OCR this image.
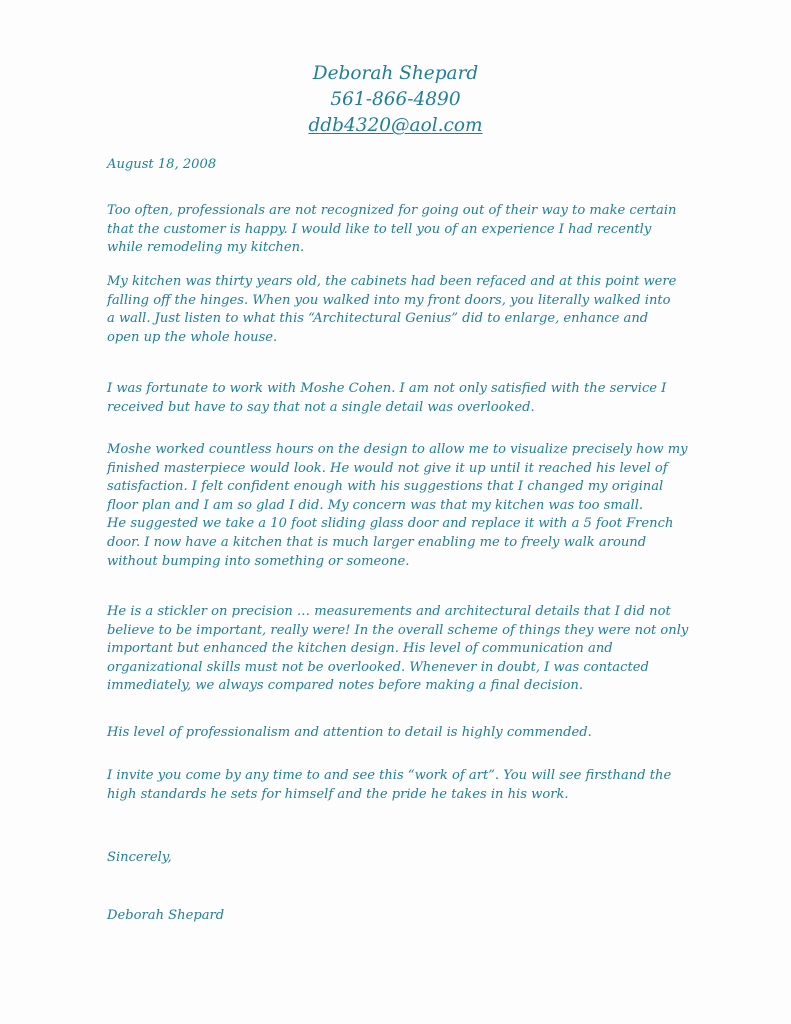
Deborah Shepard
561-866-4890
ddb4320@aol.com
August 18, 2008
Too often, professionals are not recognized for going out of their way to make certain
that the customer is happy. I would like to tell you of an experience I had recently
while remodeling my kitchen.
My kitchen was thirty years old, the cabinets had been refaced and at this point were
falling off the hinges. When you walked into my front doors, you literally walked into
a wall. Just listen to what this “Architectural Genius” did to enlarge, enhance and
open up the whole house.
I was fortunate to work with Moshe Cohen. I am not only satisfied with the service I
received but have to say that not a single detail was overlooked.
Moshe worked countless hours on the design to allow me to visualize precisely how my
finished masterpiece would look. He would not give it up until it reached his level of
satisfaction. I felt confident enough with his suggestions that I changed my original
floor plan and I am so glad I did. My concern was that my kitchen was too small.
He suggested we take a 10 foot sliding glass door and replace it with a 5 foot French
door. I now have a kitchen that is much larger enabling me to freely walk around
without bumping into something or someone.
He is a stickler on precision … measurements and architectural details that I did not
believe to be important, really were! In the overall scheme of things they were not only
important but enhanced the kitchen design. His level of communication and
organizational skills must not be overlooked. Whenever in doubt, I was contacted
immediately, we always compared notes before making a final decision.
His level of professionalism and attention to detail is highly commended.
I invite you come by any time to and see this “work of art”. You will see firsthand the
high standards he sets for himself and the pride he takes in his work.
Sincerely,
Deborah Shepard
